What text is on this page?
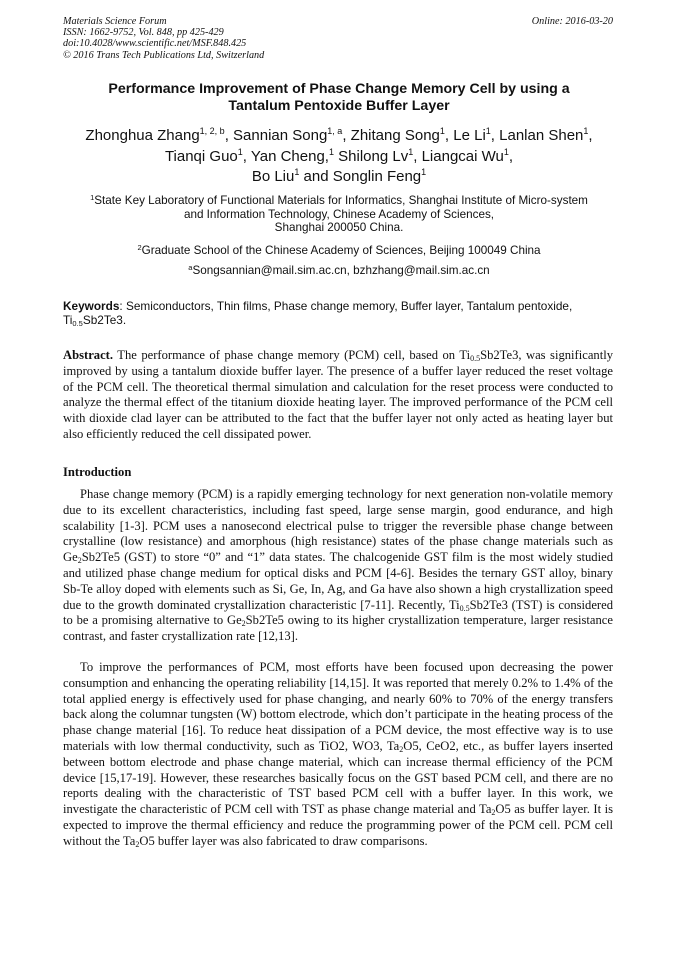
Materials Science Forum
ISSN: 1662-9752, Vol. 848, pp 425-429
doi:10.4028/www.scientific.net/MSF.848.425
© 2016 Trans Tech Publications Ltd, Switzerland
Online: 2016-03-20
Performance Improvement of Phase Change Memory Cell by using a
Tantalum Pentoxide Buffer Layer
Zhonghua Zhang$^{1, 2, b}$, Sannian Song$^{1, a}$, Zhitang Song$^1$, Le Li$^1$, Lanlan Shen$^1$,
Tianqi Guo$^1$, Yan Cheng,$^1$ Shilong Lv$^1$, Liangcai Wu$^1$,
Bo Liu$^1$ and Songlin Feng$^1$
$^1$State Key Laboratory of Functional Materials for Informatics, Shanghai Institute of Micro-system
and Information Technology, Chinese Academy of Sciences,
Shanghai 200050 China.
$^2$Graduate School of the Chinese Academy of Sciences, Beijing 100049 China
$^a$Songsannian@mail.sim.ac.cn, bzhzhang@mail.sim.ac.cn
Keywords: Semiconductors, Thin films, Phase change memory, Buffer layer, Tantalum pentoxide,
$Ti_{0.5}Sb2Te3$.
Abstract. The performance of phase change memory (PCM) cell, based on $Ti_{0.5}Sb2Te3$, was significantly improved by using a tantalum dioxide buffer layer. The presence of a buffer layer reduced the reset voltage of the PCM cell. The theoretical thermal simulation and calculation for the reset process were conducted to analyze the thermal effect of the titanium dioxide heating layer. The improved performance of the PCM cell with dioxide clad layer can be attributed to the fact that the buffer layer not only acted as heating layer but also efficiently reduced the cell dissipated power.
Introduction
Phase change memory (PCM) is a rapidly emerging technology for next generation non-volatile memory due to its excellent characteristics, including fast speed, large sense margin, good endurance, and high scalability [1-3]. PCM uses a nanosecond electrical pulse to trigger the reversible phase change between crystalline (low resistance) and amorphous (high resistance) states of the phase change materials such as $Ge_2Sb2Te5$ (GST) to store “0” and “1” data states. The chalcogenide GST film is the most widely studied and utilized phase change medium for optical disks and PCM [4-6]. Besides the ternary GST alloy, binary Sb-Te alloy doped with elements such as Si, Ge, In, Ag, and Ga have also shown a high crystallization speed due to the growth dominated crystallization characteristic [7-11]. Recently, $Ti_{0.5}Sb2Te3$ (TST) is considered to be a promising alternative to $Ge_2Sb2Te5$ owing to its higher crystallization temperature, larger resistance contrast, and faster crystallization rate [12,13].
To improve the performances of PCM, most efforts have been focused upon decreasing the power consumption and enhancing the operating reliability [14,15]. It was reported that merely 0.2% to 1.4% of the total applied energy is effectively used for phase changing, and nearly 60% to 70% of the energy transfers back along the columnar tungsten (W) bottom electrode, which don’t participate in the heating process of the phase change material [16]. To reduce heat dissipation of a PCM device, the most effective way is to use materials with low thermal conductivity, such as TiO2, WO3, $Ta_2O5$, CeO2, etc., as buffer layers inserted between bottom electrode and phase change material, which can increase thermal efficiency of the PCM device [15,17-19]. However, these researches basically focus on the GST based PCM cell, and there are no reports dealing with the characteristic of TST based PCM cell with a buffer layer. In this work, we investigate the characteristic of PCM cell with TST as phase change material and $Ta_2O5$ as buffer layer. It is expected to improve the thermal efficiency and reduce the programming power of the PCM cell. PCM cell without the $Ta_2O5$ buffer layer was also fabricated to draw comparisons.
